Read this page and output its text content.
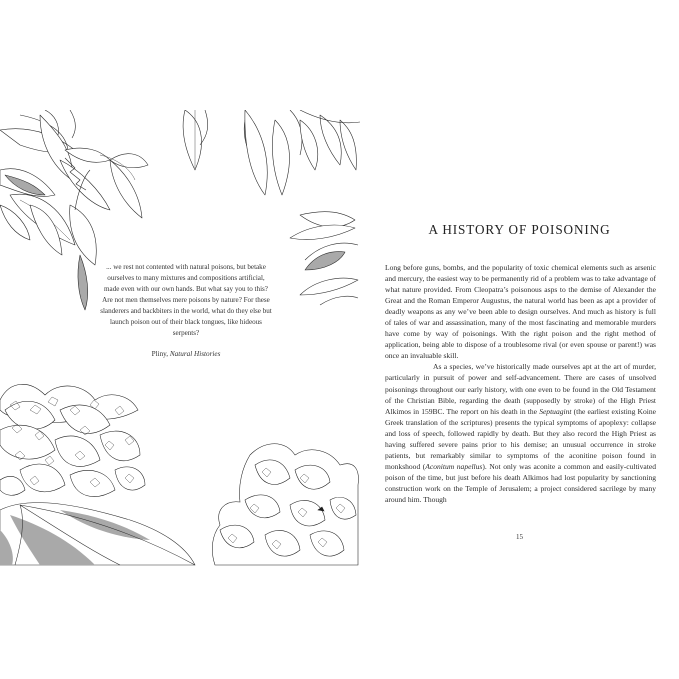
... we rest not contented with natural poisons, but betake ourselves to many mixtures and compositions artificial, made even with our own hands. But what say you to this? Are not men themselves mere poisons by nature? For these slanderers and backbiters in the world, what do they else but launch poison out of their black tongues, like hideous serpents?

Pliny, Natural Histories
A HISTORY OF POISONING

Long before guns, bombs, and the popularity of toxic chemical elements such as arsenic and mercury, the easiest way to be permanently rid of a problem was to take advantage of what nature provided. From Cleopatra’s poisonous asps to the demise of Alexander the Great and the Roman Emperor Augustus, the natural world has been as apt a provider of deadly weapons as any we’ve been able to design ourselves. And much as history is full of tales of war and assassination, many of the most fascinating and memorable murders have come by way of poisonings. With the right poison and the right method of application, being able to dispose of a troublesome rival (or even spouse or parent!) was once an invaluable skill.

As a species, we’ve historically made ourselves apt at the art of murder, particularly in pursuit of power and self-advancement. There are cases of unsolved poisonings throughout our early history, with one even to be found in the Old Testament of the Christian Bible, regarding the death (supposedly by stroke) of the High Priest Alkimos in 159BC. The report on his death in the Septuagint (the earliest existing Koine Greek translation of the scriptures) presents the typical symptoms of apoplexy: collapse and loss of speech, followed rapidly by death. But they also record the High Priest as having suffered severe pains prior to his demise; an unusual occurrence in stroke patients, but remarkably similar to symptoms of the aconitine poison found in monkshood (Aconitum napellus). Not only was aconite a common and easily-cultivated poison of the time, but just before his death Alkimos had lost popularity by sanctioning construction work on the Temple of Jerusalem; a project considered sacrilege by many around him. Though

15
